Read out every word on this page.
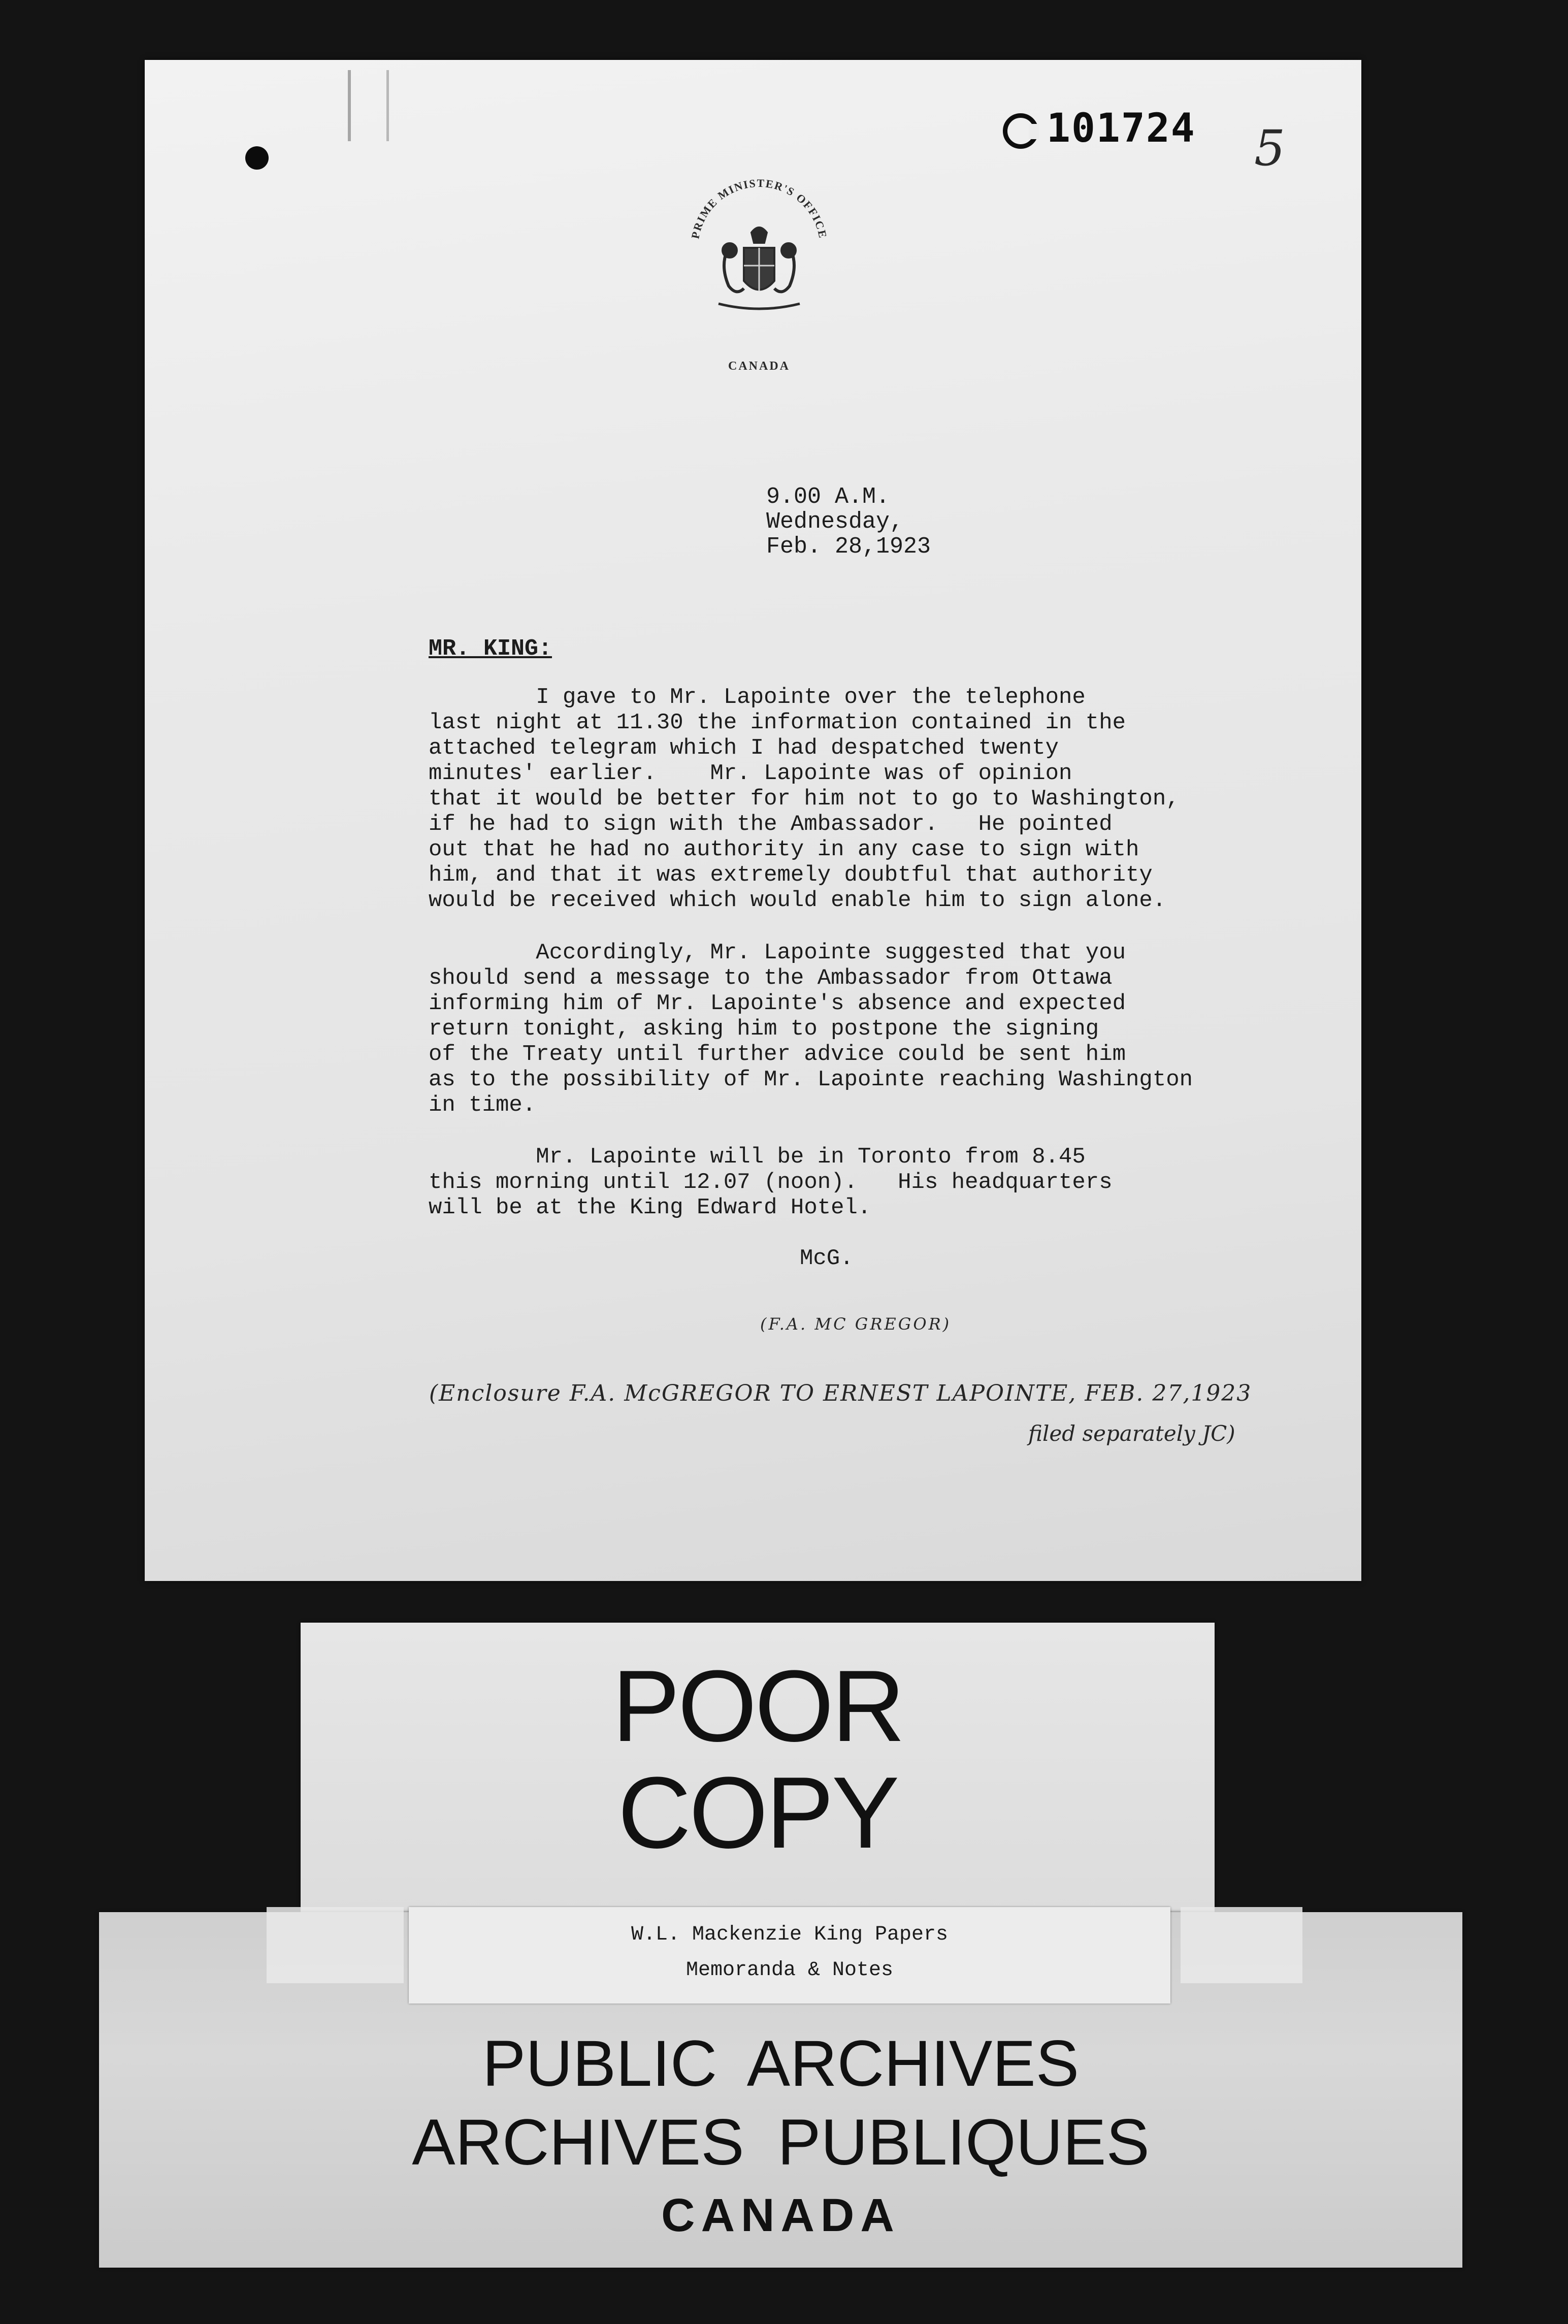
101724 5
PRIME MINISTER'S OFFICE
CANADA
9.00 A.M.
Wednesday,
Feb. 28,1923
MR. KING:
I gave to Mr. Lapointe over the telephone
last night at 11.30 the information contained in the
attached telegram which I had despatched twenty
minutes' earlier.    Mr. Lapointe was of opinion
that it would be better for him not to go to Washington,
if he had to sign with the Ambassador.   He pointed
out that he had no authority in any case to sign with
him, and that it was extremely doubtful that authority
would be received which would enable him to sign alone.
Accordingly, Mr. Lapointe suggested that you
should send a message to the Ambassador from Ottawa
informing him of Mr. Lapointe's absence and expected
return tonight, asking him to postpone the signing
of the Treaty until further advice could be sent him
as to the possibility of Mr. Lapointe reaching Washington
in time.
Mr. Lapointe will be in Toronto from 8.45
this morning until 12.07 (noon).   His headquarters
will be at the King Edward Hotel.
McG.
(F.A. MC GREGOR)
(Enclosure F.A. McGREGOR TO ERNEST LAPOINTE, FEB. 27,1923
filed separately JC)
POOR
COPY
W.L. Mackenzie King Papers
Memoranda & Notes
PUBLIC ARCHIVES
ARCHIVES PUBLIQUES
CANADA
